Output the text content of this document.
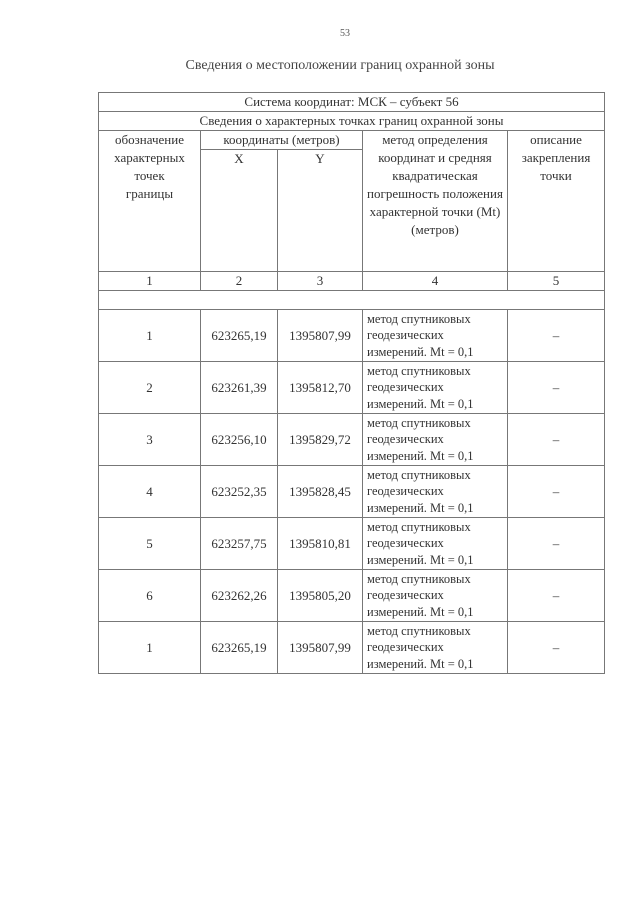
53
Сведения о местоположении границ охранной зоны
Система координат: МСК – субъект 56				
Сведения о характерных точках границ охранной зоны				
обозначение характерных точек границы	координаты (метров)		метод определения координат и средняя квадратическая погрешность положения характерной точки (Mt) (метров)	описание закрепления точки
	X	Y		
1	2	3	4	5

1	623265,19	1395807,99	метод спутниковых геодезических измерений. Mt = 0,1	–
2	623261,39	1395812,70	метод спутниковых геодезических измерений. Mt = 0,1	–
3	623256,10	1395829,72	метод спутниковых геодезических измерений. Mt = 0,1	–
4	623252,35	1395828,45	метод спутниковых геодезических измерений. Mt = 0,1	–
5	623257,75	1395810,81	метод спутниковых геодезических измерений. Mt = 0,1	–
6	623262,26	1395805,20	метод спутниковых геодезических измерений. Mt = 0,1	–
1	623265,19	1395807,99	метод спутниковых геодезических измерений. Mt = 0,1	–
